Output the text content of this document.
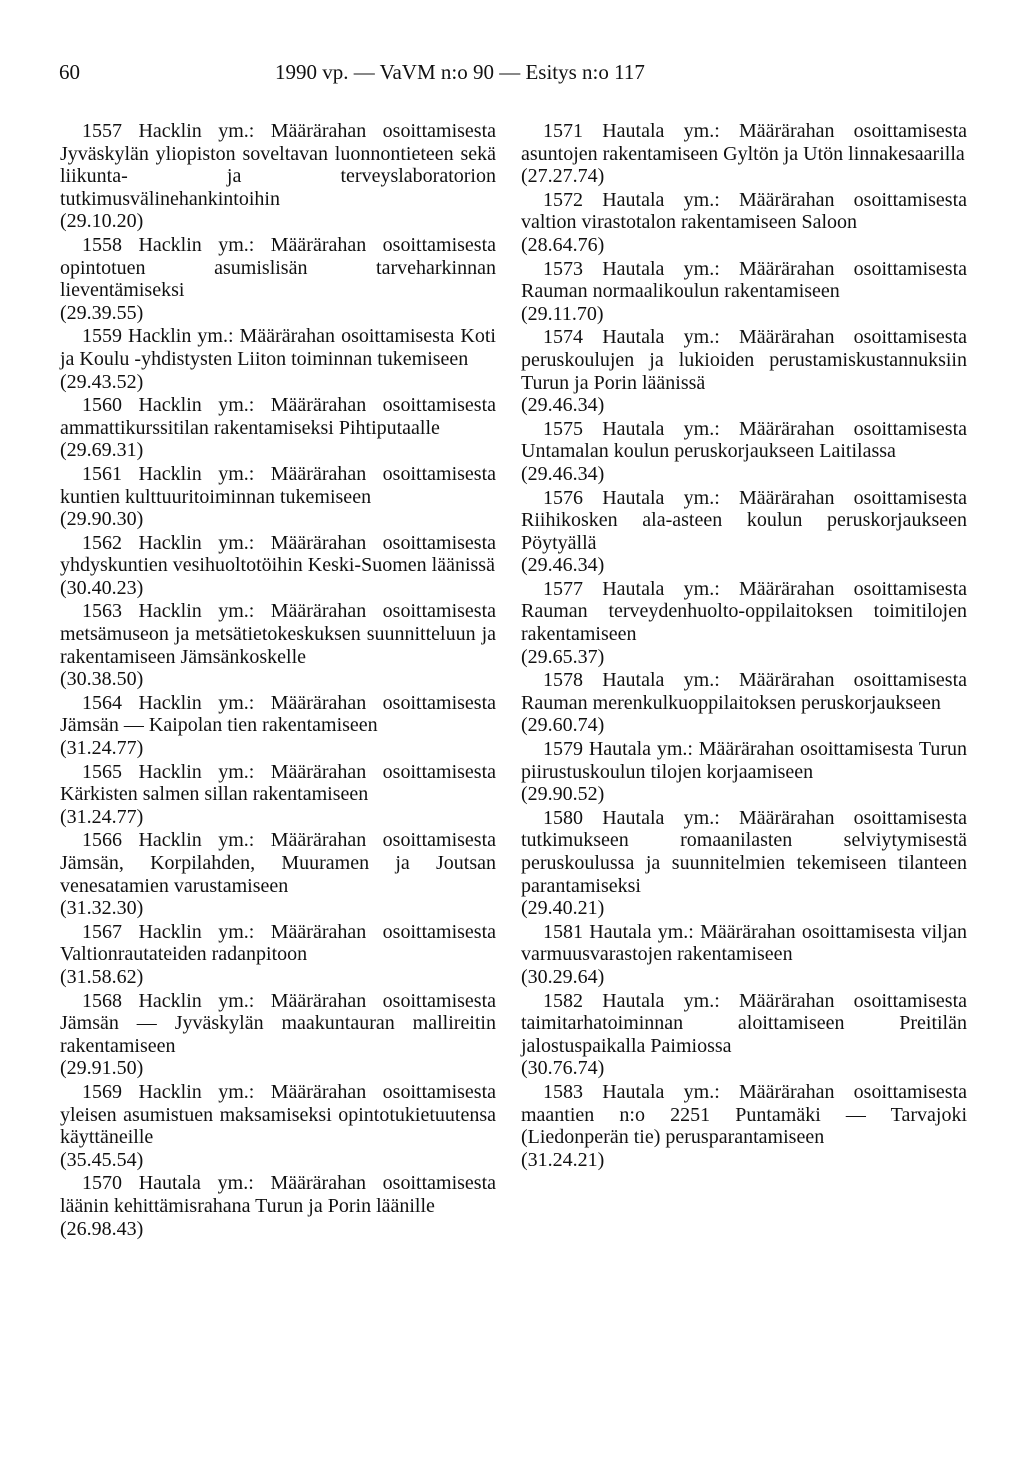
60	1990 vp. — VaVM n:o 90 — Esitys n:o 117

1557 Hacklin ym.: Määrärahan osoittamisesta Jyväskylän yliopiston soveltavan luonnontieteen sekä liikunta- ja terveyslaboratorion tutkimusvälinehankintoihin

(29.10.20)

1558 Hacklin ym.: Määrärahan osoittamisesta opintotuen asumislisän tarveharkinnan lieventämiseksi

(29.39.55)

1559 Hacklin ym.: Määrärahan osoittamisesta Koti ja Koulu -yhdistysten Liiton toiminnan tukemiseen

(29.43.52)

1560 Hacklin ym.: Määrärahan osoittamisesta ammattikurssitilan rakentamiseksi Pihtiputaalle

(29.69.31)

1561 Hacklin ym.: Määrärahan osoittamisesta kuntien kulttuuritoiminnan tukemiseen

(29.90.30)

1562 Hacklin ym.: Määrärahan osoittamisesta yhdyskuntien vesihuoltotöihin Keski-Suomen läänissä

(30.40.23)

1563 Hacklin ym.: Määrärahan osoittamisesta metsämuseon ja metsätietokeskuksen suunnitteluun ja rakentamiseen Jämsänkoskelle

(30.38.50)

1564 Hacklin ym.: Määrärahan osoittamisesta Jämsän — Kaipolan tien rakentamiseen

(31.24.77)

1565 Hacklin ym.: Määrärahan osoittamisesta Kärkisten salmen sillan rakentamiseen

(31.24.77)

1566 Hacklin ym.: Määrärahan osoittamisesta Jämsän, Korpilahden, Muuramen ja Joutsan venesatamien varustamiseen

(31.32.30)

1567 Hacklin ym.: Määrärahan osoittamisesta Valtionrautateiden radanpitoon

(31.58.62)

1568 Hacklin ym.: Määrärahan osoittamisesta Jämsän — Jyväskylän maakuntauran mallireitin rakentamiseen

(29.91.50)

1569 Hacklin ym.: Määrärahan osoittamisesta yleisen asumistuen maksamiseksi opintotukietuutensa käyttäneille

(35.45.54)

1570 Hautala ym.: Määrärahan osoittamisesta läänin kehittämisrahana Turun ja Porin läänille

(26.98.43)

1571 Hautala ym.: Määrärahan osoittamisesta asuntojen rakentamiseen Gyltön ja Utön linnakesaarilla

(27.27.74)

1572 Hautala ym.: Määrärahan osoittamisesta valtion virastotalon rakentamiseen Saloon

(28.64.76)

1573 Hautala ym.: Määrärahan osoittamisesta Rauman normaalikoulun rakentamiseen

(29.11.70)

1574 Hautala ym.: Määrärahan osoittamisesta peruskoulujen ja lukioiden perustamiskustannuksiin Turun ja Porin läänissä

(29.46.34)

1575 Hautala ym.: Määrärahan osoittamisesta Untamalan koulun peruskorjaukseen Laitilassa

(29.46.34)

1576 Hautala ym.: Määrärahan osoittamisesta Riihikosken ala-asteen koulun peruskorjaukseen Pöytyällä

(29.46.34)

1577 Hautala ym.: Määrärahan osoittamisesta Rauman terveydenhuolto-oppilaitoksen toimitilojen rakentamiseen

(29.65.37)

1578 Hautala ym.: Määrärahan osoittamisesta Rauman merenkulkuoppilaitoksen peruskorjaukseen

(29.60.74)

1579 Hautala ym.: Määrärahan osoittamisesta Turun piirustuskoulun tilojen korjaamiseen

(29.90.52)

1580 Hautala ym.: Määrärahan osoittamisesta tutkimukseen romaanilasten selviytymisestä peruskoulussa ja suunnitelmien tekemiseen tilanteen parantamiseksi

(29.40.21)

1581 Hautala ym.: Määrärahan osoittamisesta viljan varmuusvarastojen rakentamiseen

(30.29.64)

1582 Hautala ym.: Määrärahan osoittamisesta taimitarhatoiminnan aloittamiseen Preitilän jalostuspaikalla Paimiossa

(30.76.74)

1583 Hautala ym.: Määrärahan osoittamisesta maantien n:o 2251 Puntamäki — Tarvajoki (Liedonperän tie) perusparantamiseen

(31.24.21)
